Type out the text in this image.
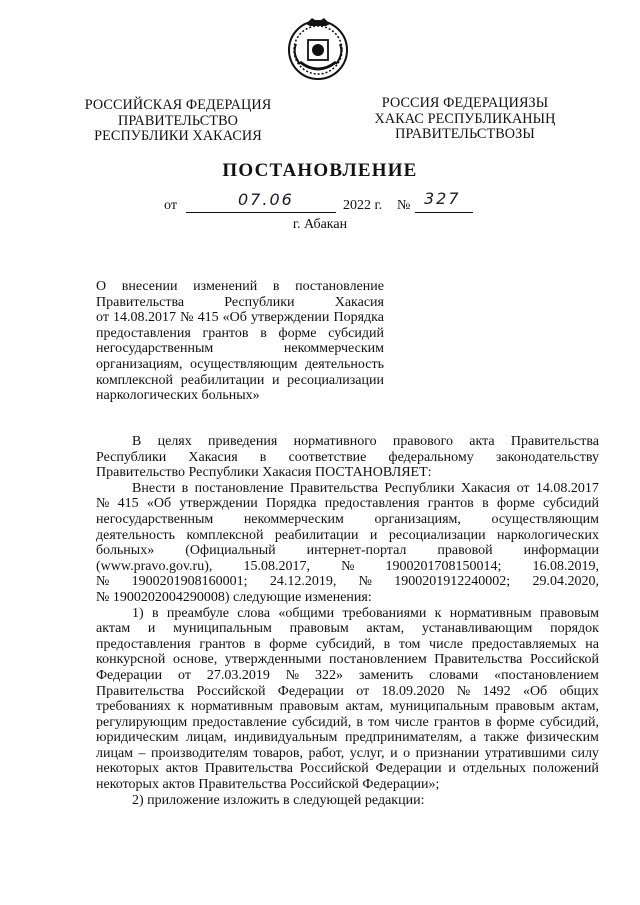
РОССИЙСКАЯ ФЕДЕРАЦИЯ
ПРАВИТЕЛЬСТВО
РЕСПУБЛИКИ ХАКАСИЯ
РОССИЯ ФЕДЕРАЦИЯЗЫ
ХАКАС РЕСПУБЛИКАНЫҢ
ПРАВИТЕЛЬСТВОЗЫ
ПОСТАНОВЛЕНИЕ
от	07.06	2022 г. № 327
г. Абакан
О внесении изменений в постановление
Правительства	Республики	Хакасия
от 14.08.2017 № 415 «Об утверждении Порядка
предоставления грантов в форме субсидий
негосударственным	некоммерческим
организациям, осуществляющим деятельность
комплексной реабилитации и ресоциализации
наркологических больных»
В целях приведения нормативного правового акта Правительства
Республики Хакасия в соответствие федеральному законодательству
Правительство Республики Хакасия ПОСТАНОВЛЯЕТ:
Внести в постановление Правительства Республики Хакасия от 14.08.2017
№ 415 «Об утверждении Порядка предоставления грантов в форме субсидий
негосударственным некоммерческим организациям, осуществляющим
деятельность комплексной реабилитации и ресоциализации наркологических
больных» (Официальный интернет-портал правовой информации
(www.pravo.gov.ru), 15.08.2017, № 1900201708150014; 16.08.2019,
№ 1900201908160001; 24.12.2019, № 1900201912240002; 29.04.2020,
№ 1900202004290008) следующие изменения:
1) в преамбуле слова «общими требованиями к нормативным правовым
актам и муниципальным правовым актам, устанавливающим порядок
предоставления грантов в форме субсидий, в том числе предоставляемых на
конкурсной основе, утвержденными постановлением Правительства Российской
Федерации от 27.03.2019 № 322» заменить словами «постановлением
Правительства Российской Федерации от 18.09.2020 № 1492 «Об общих
требованиях к нормативным правовым актам, муниципальным правовым актам,
регулирующим предоставление субсидий, в том числе грантов в форме субсидий,
юридическим лицам, индивидуальным предпринимателям, а также физическим
лицам – производителям товаров, работ, услуг, и о признании утратившими силу
некоторых актов Правительства Российской Федерации и отдельных положений
некоторых актов Правительства Российской Федерации»;
2) приложение изложить в следующей редакции:
